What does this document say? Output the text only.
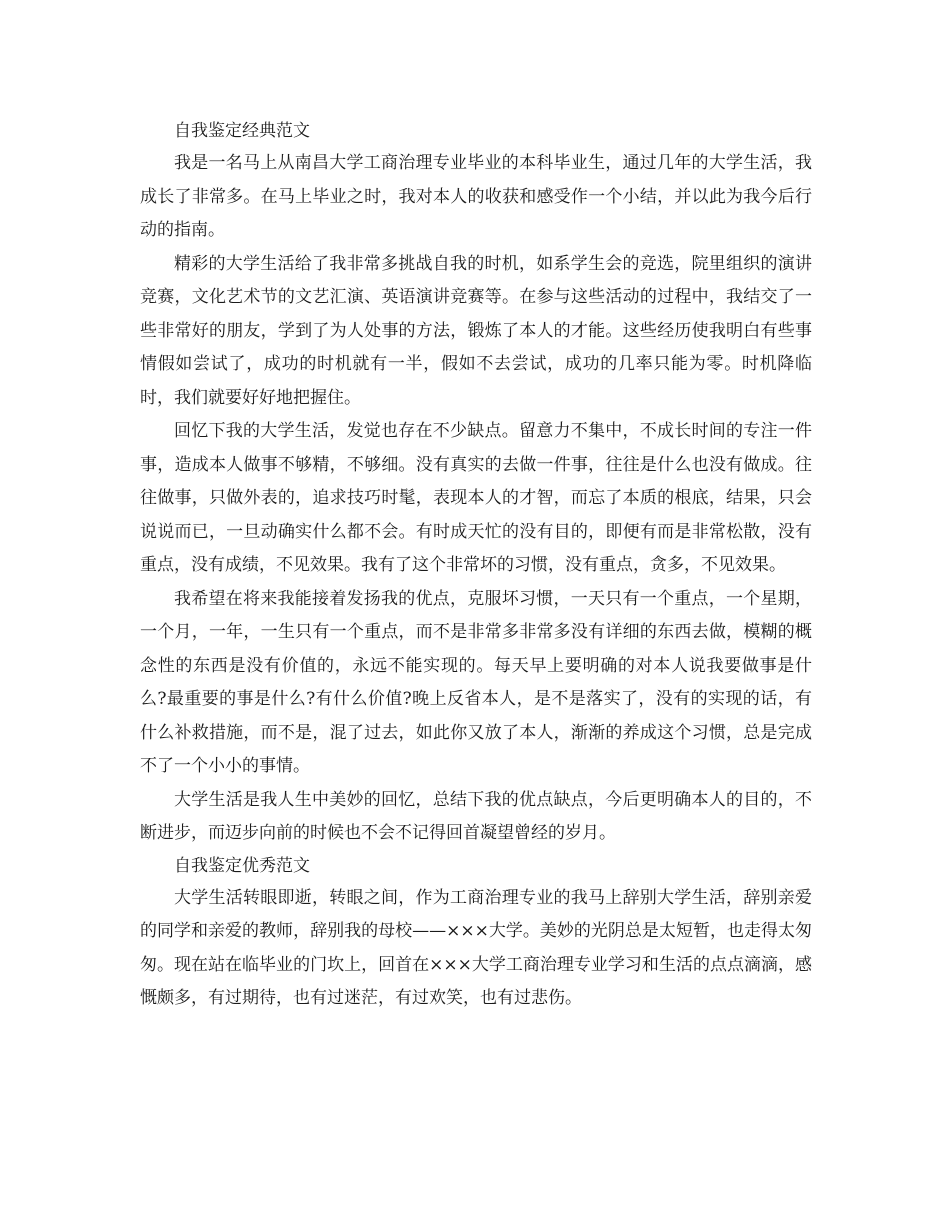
自我鉴定经典范文

我是一名马上从南昌大学工商治理专业毕业的本科毕业生，通过几年的大学生活，我成长了非常多。在马上毕业之时，我对本人的收获和感受作一个小结，并以此为我今后行动的指南。

精彩的大学生活给了我非常多挑战自我的时机，如系学生会的竞选，院里组织的演讲竞赛，文化艺术节的文艺汇演、英语演讲竞赛等。在参与这些活动的过程中，我结交了一些非常好的朋友，学到了为人处事的方法，锻炼了本人的才能。这些经历使我明白有些事情假如尝试了，成功的时机就有一半，假如不去尝试，成功的几率只能为零。时机降临时，我们就要好好地把握住。

回忆下我的大学生活，发觉也存在不少缺点。留意力不集中，不成长时间的专注一件事，造成本人做事不够精，不够细。没有真实的去做一件事，往往是什么也没有做成。往往做事，只做外表的，追求技巧时髦，表现本人的才智，而忘了本质的根底，结果，只会说说而已，一旦动确实什么都不会。有时成天忙的没有目的，即便有而是非常松散，没有重点，没有成绩，不见效果。我有了这个非常坏的习惯，没有重点，贪多，不见效果。

我希望在将来我能接着发扬我的优点，克服坏习惯，一天只有一个重点，一个星期，一个月，一年，一生只有一个重点，而不是非常多非常多没有详细的东西去做，模糊的概念性的东西是没有价值的，永远不能实现的。每天早上要明确的对本人说我要做事是什么?最重要的事是什么?有什么价值?晚上反省本人，是不是落实了，没有的实现的话，有什么补救措施，而不是，混了过去，如此你又放了本人，渐渐的养成这个习惯，总是完成不了一个小小的事情。

大学生活是我人生中美妙的回忆，总结下我的优点缺点，今后更明确本人的目的，不断进步，而迈步向前的时候也不会不记得回首凝望曾经的岁月。

自我鉴定优秀范文

大学生活转眼即逝，转眼之间，作为工商治理专业的我马上辞别大学生活，辞别亲爱的同学和亲爱的教师，辞别我的母校——×××大学。美妙的光阴总是太短暂，也走得太匆匆。现在站在临毕业的门坎上，回首在×××大学工商治理专业学习和生活的点点滴滴，感慨颇多，有过期待，也有过迷茫，有过欢笑，也有过悲伤。
